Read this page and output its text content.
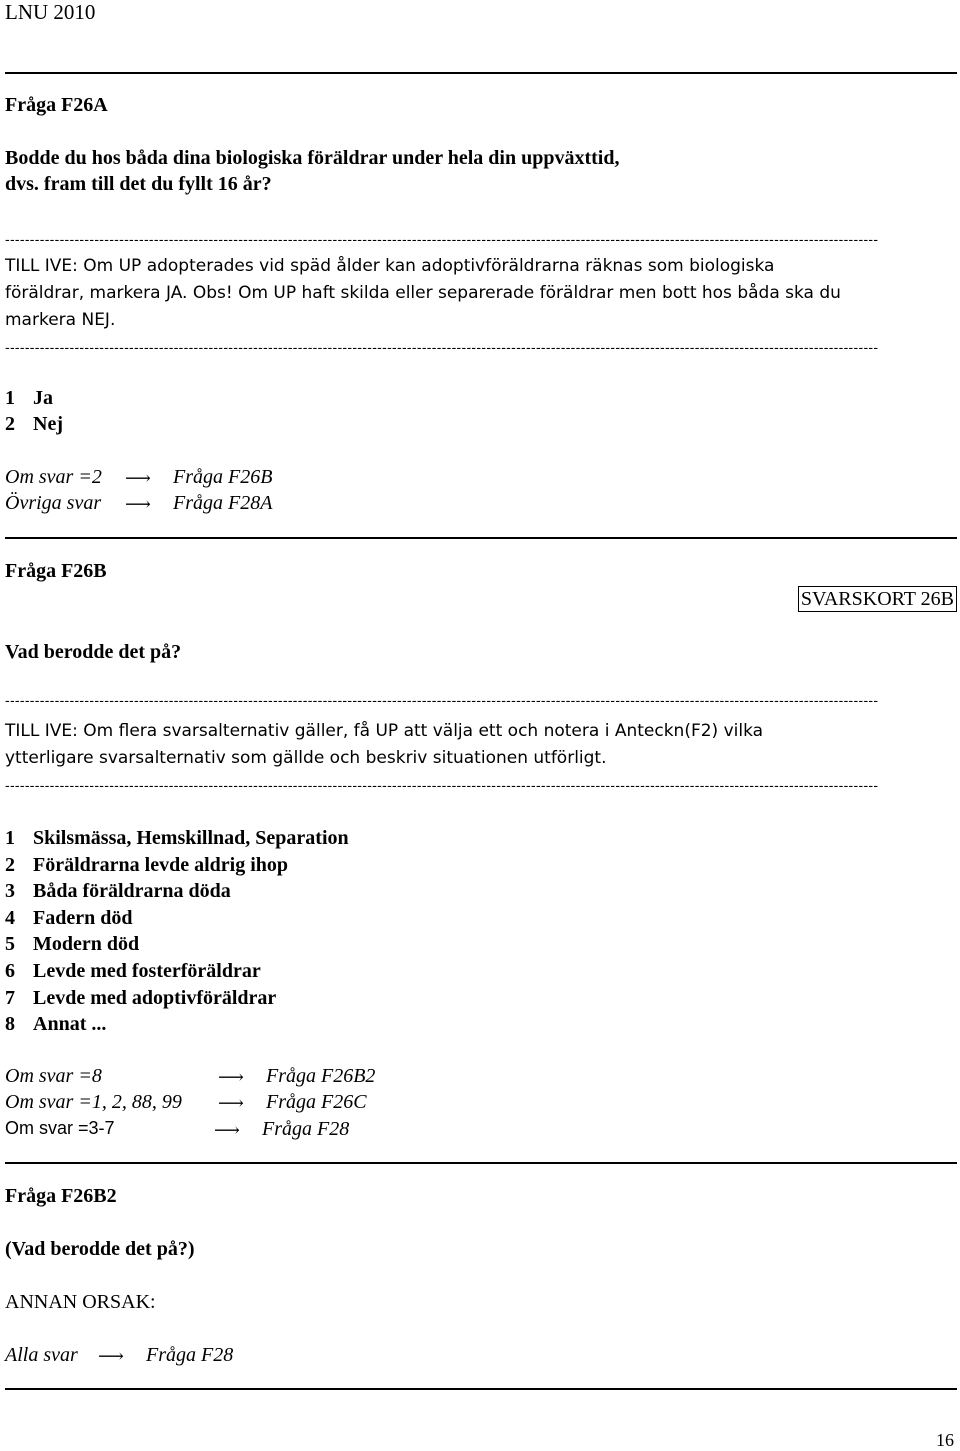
LNU 2010
Fråga F26A
Bodde du hos båda dina biologiska föräldrar under hela din uppväxttid,
dvs. fram till det du fyllt 16 år?
--------------------------------------------------------------------------------------------------------------------------------------------------------------------------------
TILL IVE: Om UP adopterades vid späd ålder kan adoptivföräldrarna räknas som biologiska
föräldrar, markera JA. Obs! Om UP haft skilda eller separerade föräldrar men bott hos båda ska du
markera NEJ.
--------------------------------------------------------------------------------------------------------------------------------------------------------------------------------
1 Ja
2 Nej
Om svar =2 ⟶ Fråga F26B
Övriga svar ⟶ Fråga F28A
Fråga F26B
SVARSKORT 26B
Vad berodde det på?
--------------------------------------------------------------------------------------------------------------------------------------------------------------------------------
TILL IVE: Om flera svarsalternativ gäller, få UP att välja ett och notera i Anteckn(F2) vilka
ytterligare svarsalternativ som gällde och beskriv situationen utförligt.
--------------------------------------------------------------------------------------------------------------------------------------------------------------------------------
1 Skilsmässa, Hemskillnad, Separation
2 Föräldrarna levde aldrig ihop
3 Båda föräldrarna döda
4 Fadern död
5 Modern död
6 Levde med fosterföräldrar
7 Levde med adoptivföräldrar
8 Annat ...
Om svar =8	⟶ Fråga F26B2
Om svar =1, 2, 88, 99 ⟶ Fråga F26C
Om svar =3-7	⟶ Fråga F28
Fråga F26B2
(Vad berodde det på?)
ANNAN ORSAK:
Alla svar ⟶ Fråga F28
16
